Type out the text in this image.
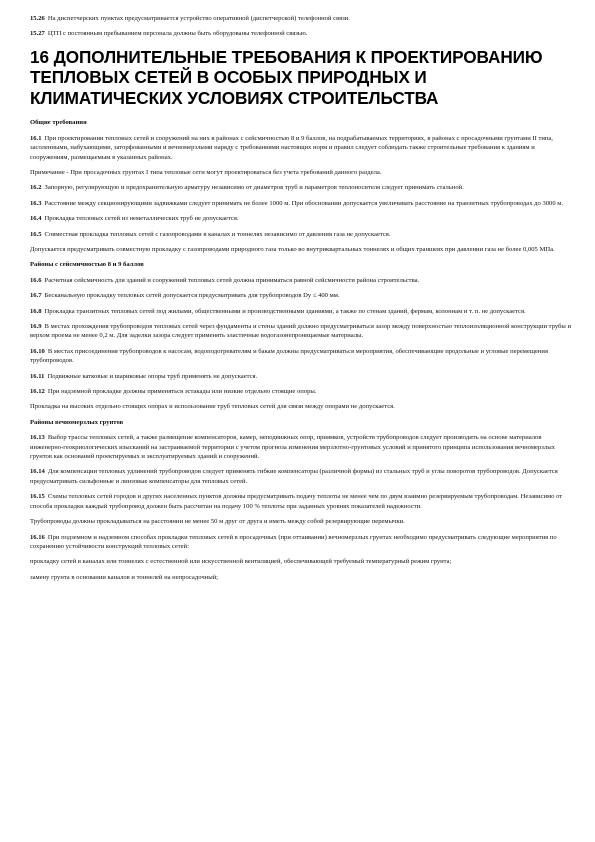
15.26 На диспетчерских пунктах предусматривается устройство оперативной (диспетчерской) телефонной связи.

15.27 ЦТП с постоянным пребыванием персонала должны быть оборудованы телефонной связью.

16 ДОПОЛНИТЕЛЬНЫЕ ТРЕБОВАНИЯ К ПРОЕКТИРОВАНИЮ ТЕПЛОВЫХ СЕТЕЙ В ОСОБЫХ ПРИРОДНЫХ И КЛИМАТИЧЕСКИХ УСЛОВИЯХ СТРОИТЕЛЬСТВА
Общие требования

16.1 При проектировании тепловых сетей и сооружений на них в районах с сейсмичностью 8 и 9 баллов, на подрабатываемых территориях, в районах с просадочными грунтами II типа, засоленными, набухающими, заторфованными и вечномерзлыми наряду с требованиями настоящих норм и правил следует соблюдать также строительные требования к зданиям и сооружениям, размещаемым в указанных районах.

Примечание - При просадочных грунтах I типа тепловые сети могут проектироваться без учета требований данного раздела.

16.2 Запорную, регулирующую и предохранительную арматуру независимо от диаметров труб и параметров теплоносителя следует принимать стальной.

16.3 Расстояние между секционирующими задвижками следует принимать не более 1000 м. При обосновании допускается увеличивать расстояние на транзитных трубопроводах до 3000 м.

16.4 Прокладка тепловых сетей из неметаллических труб не допускается.

16.5 Совместная прокладка тепловых сетей с газопроводами в каналах и тоннелях независимо от давления газа не допускается.

Допускается предусматривать совместную прокладку с газопроводами природного газа только во внутриквартальных тоннелях и общих траншеях при давлении газа не более 0,005 МПа.

Районы с сейсмичностью 8 и 9 баллов

16.6 Расчетная сейсмичность для зданий и сооружений тепловых сетей должна приниматься равной сейсмичности района строительства.

16.7 Бесканальную прокладку тепловых сетей допускается предусматривать для трубопроводов Dу ≤ 400 мм.

16.8 Прокладка транзитных тепловых сетей под жилыми, общественными и производственными зданиями, а также по стенам зданий, фермам, колоннам и т. п. не допускается.

16.9 В местах прохождения трубопроводов тепловых сетей через фундаменты и стены зданий должно предусматриваться зазор между поверхностью теплоизоляционной конструкции трубы и верхом проема не менее 0,2 м. Для заделки зазора следует применять эластичные водогазонепроницаемые материалы.

16.10 В местах присоединения трубопроводов к насосам, водоподогревателям и бакам должны предусматриваться мероприятия, обеспечивающие продольные и угловые перемещения трубопроводов.

16.11 Подвижные катковые и шариковые опоры труб применять не допускается.

16.12 При надземной прокладке должны применяться эстакады или низкие отдельно стоящие опоры.

Прокладка на высоких отдельно стоящих опорах и использование труб тепловых сетей для связи между опорами не допускается.

Районы вечномерзлых грунтов

16.13 Выбор трассы тепловых сетей, а также размещение компенсаторов, камер, неподвижных опор, приямков, устройств трубопроводов следует производить на основе материалов инженерно-геокриологических изысканий на застраиваемой территории с учетом прогноза изменения мерзлотно-грунтовых условий и принятого принципа использования вечномерзлых грунтов как оснований проектируемых и эксплуатируемых зданий и сооружений.

16.14 Для компенсации тепловых удлинений трубопроводов следует применять гибкие компенсаторы (различной формы) из стальных труб и углы поворотов трубопроводов. Допускается предусматривать сильфонные и линзовые компенсаторы для тепловых сетей.

16.15 Схемы тепловых сетей городов и других населенных пунктов должны предусматривать подачу теплоты не менее чем по двум взаимно резервируемым трубопроводам. Независимо от способа прокладки каждый трубопровод должен быть рассчитан на подачу 100 % теплоты при заданных уровнях показателей надежности.

Трубопроводы должны прокладываться на расстоянии не менее 50 м друг от друга и иметь между собой резервирующие перемычки.

16.16 При подземном и надземном способах прокладки тепловых сетей в просадочных (при оттаивании) вечномерзлых грунтах необходимо предусматривать следующие мероприятия по сохранению устойчивости конструкций тепловых сетей:

прокладку сетей в каналах или тоннелях с естественной или искусственной вентиляцией, обеспечивающей требуемый температурный режим грунта;

замену грунта в основании каналов и тоннелей на непросадочный;
